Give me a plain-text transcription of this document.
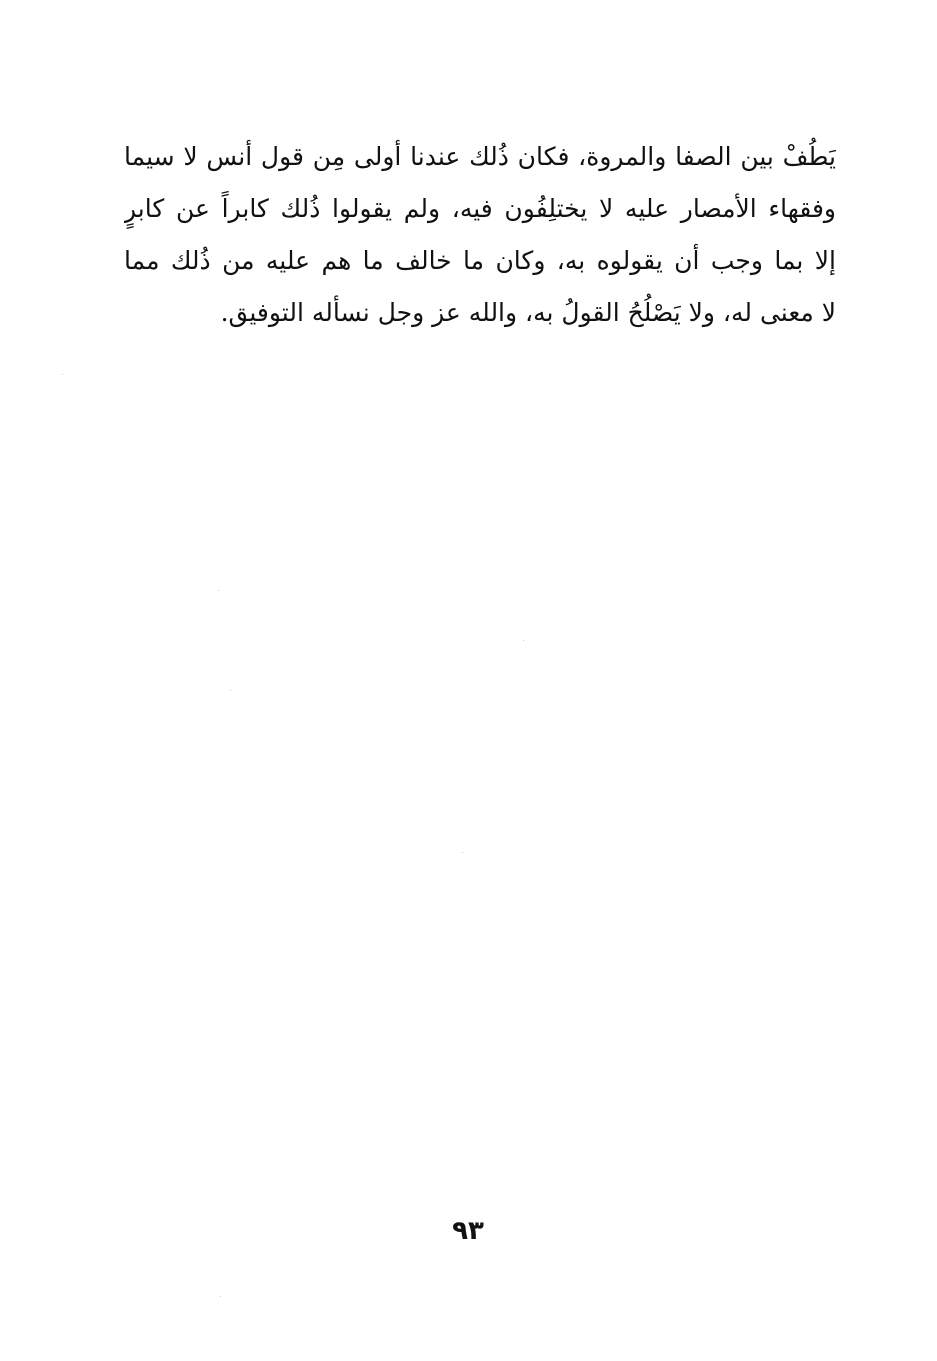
يَطُفْ بين الصفا والمروة، فكان ذُلك عندنا أولى مِن قول أنس لا سيما
وفقهاء الأمصار عليه لا يختلِفُون فيه، ولم يقولوا ذُلك كابراً عن كابرٍ
إلا بما وجب أن يقولوه به، وكان ما خالف ما هم عليه من ذُلك مما
لا معنى له، ولا يَصْلُحُ القولُ به، والله عز وجل نسأله التوفيق.
٩٣
